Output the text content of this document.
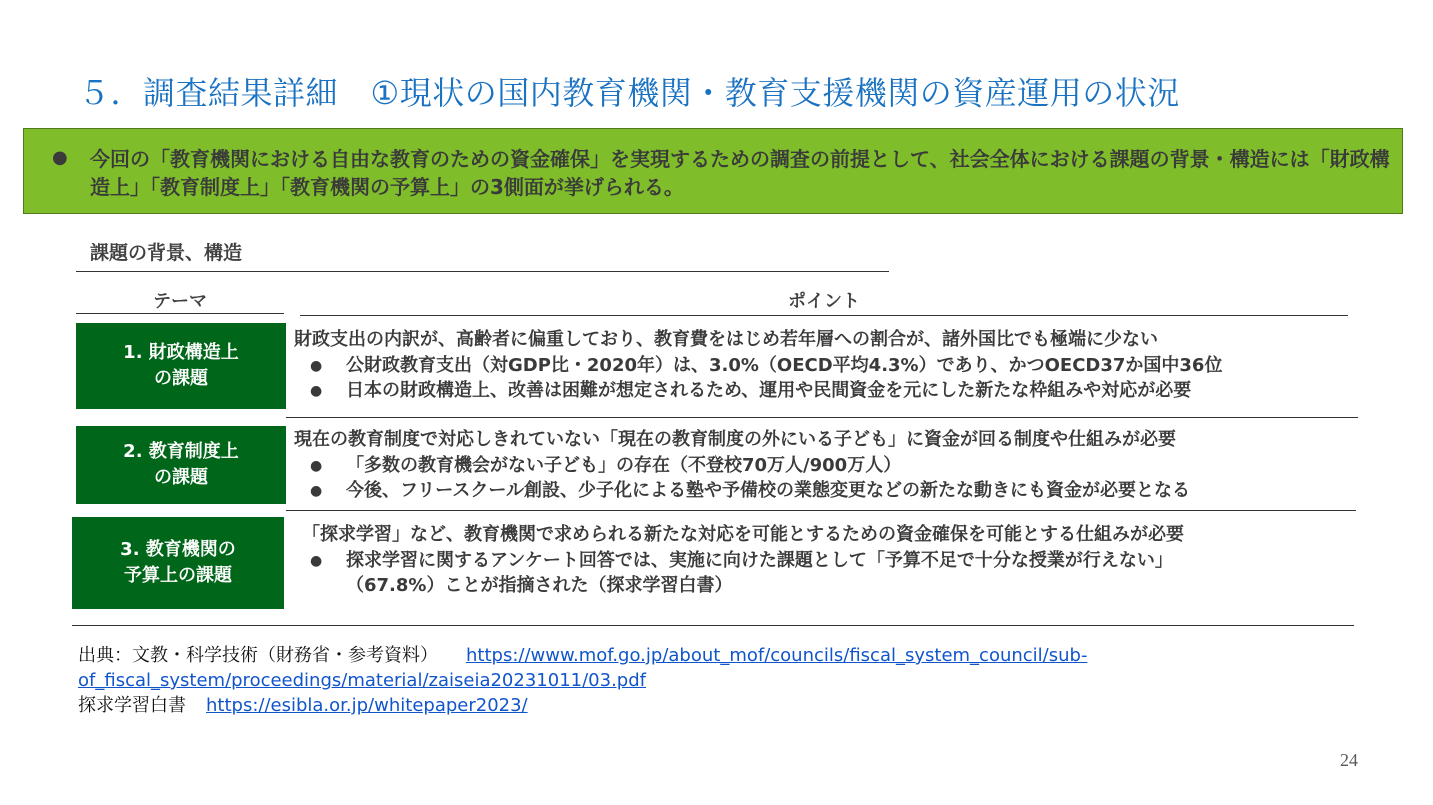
５．調査結果詳細　①現状の国内教育機関・教育支援機関の資産運用の状況
● 今回の「教育機関における自由な教育のための資金確保」を実現するための調査の前提として、社会全体における課題の背景・構造には「財政構造上」「教育制度上」「教育機関の予算上」の3側面が挙げられる。
課題の背景、構造
テーマ	ポイント
1. 財政構造上
の課題
財政支出の内訳が、高齢者に偏重しており、教育費をはじめ若年層への割合が、諸外国比でも極端に少ない
● 公財政教育支出（対GDP比・2020年）は、3.0%（OECD平均4.3%）であり、かつOECD37か国中36位
● 日本の財政構造上、改善は困難が想定されるため、運用や民間資金を元にした新たな枠組みや対応が必要
2. 教育制度上
の課題
現在の教育制度で対応しきれていない「現在の教育制度の外にいる子ども」に資金が回る制度や仕組みが必要
● 「多数の教育機会がない子ども」の存在（不登校70万人/900万人）
● 今後、フリースクール創設、少子化による塾や予備校の業態変更などの新たな動きにも資金が必要となる
3. 教育機関の
予算上の課題
「探求学習」など、教育機関で求められる新たな対応を可能とするための資金確保を可能とする仕組みが必要
● 探求学習に関するアンケート回答では、実施に向けた課題として「予算不足で十分な授業が行えない」
（67.8%）ことが指摘された（探求学習白書）
出典：文教・科学技術（財務省・参考資料） https://www.mof.go.jp/about_mof/councils/fiscal_system_council/sub-
of_fiscal_system/proceedings/material/zaiseia20231011/03.pdf
探求学習白書 https://esibla.or.jp/whitepaper2023/
24
